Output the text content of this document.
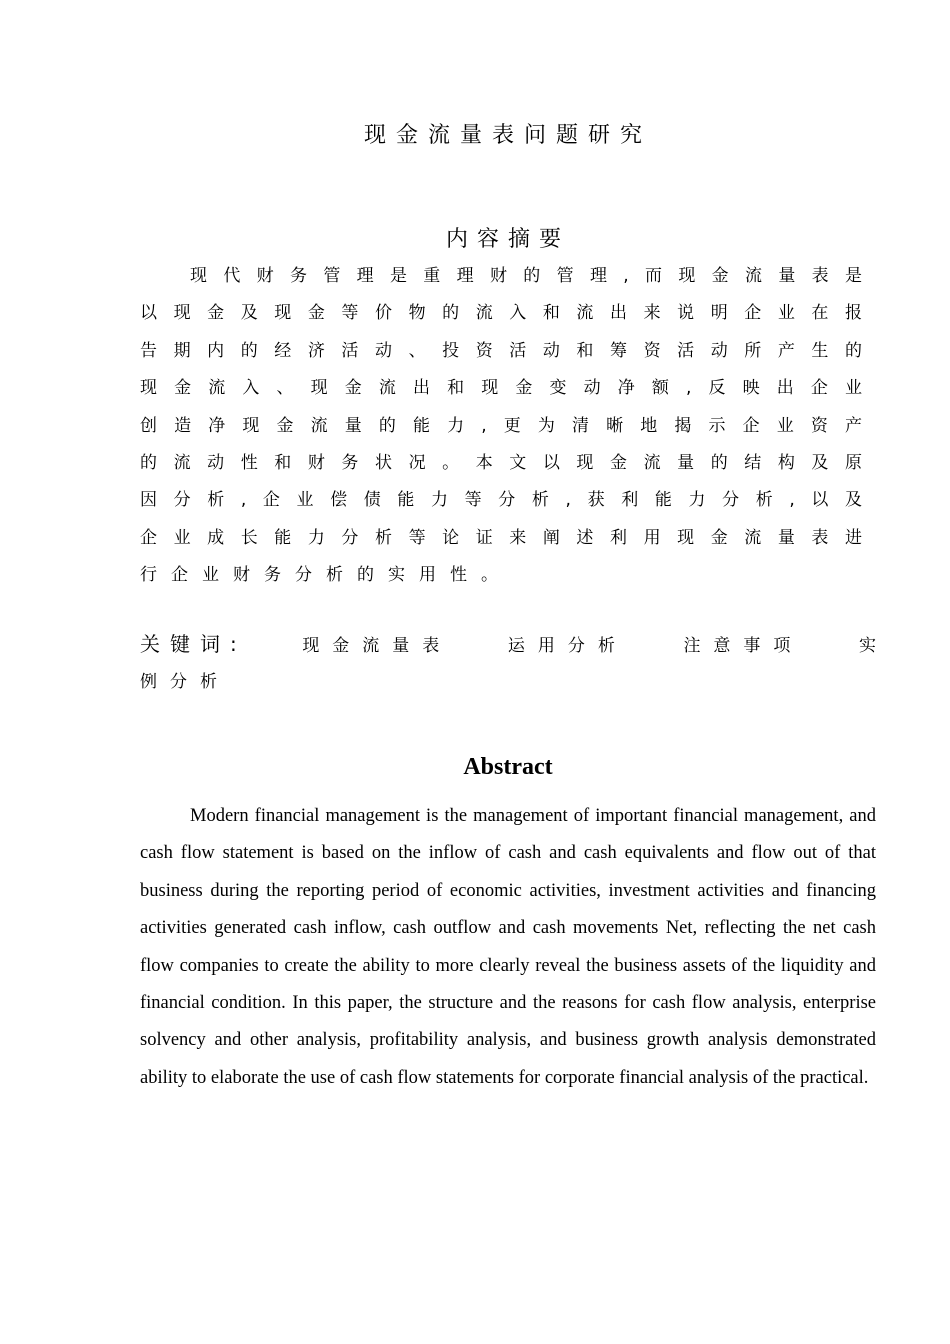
现金流量表问题研究
内容摘要
现代财务管理是重理财的管理,而现金流量表是
以现金及现金等价物的流入和流出来说明企业在报
告期内的经济活动、投资活动和筹资活动所产生的
现金流入、现金流出和现金变动净额,反映出企业
创造净现金流量的能力,更为清晰地揭示企业资产
的流动性和财务状况。本文以现金流量的结构及原
因分析,企业偿债能力等分析,获利能力分析,以及
企业成长能力分析等论证来阐述利用现金流量表进
行企业财务分析的实用性。
关键词:	现金流量表	运用分析	注意事项	实
例分析
Abstract

Modern financial management is the management of important financial management, and cash flow statement is based on the inflow of cash and cash equivalents and flow out of that business during the reporting period of economic activities, investment activities and financing activities generated cash inflow, cash outflow and cash movements Net, reflecting the net cash flow companies to create the ability to more clearly reveal the business assets of the liquidity and financial condition. In this paper, the structure and the reasons for cash flow analysis, enterprise solvency and other analysis, profitability analysis, and business growth analysis demonstrated ability to elaborate the use of cash flow statements for corporate financial analysis of the practical.
